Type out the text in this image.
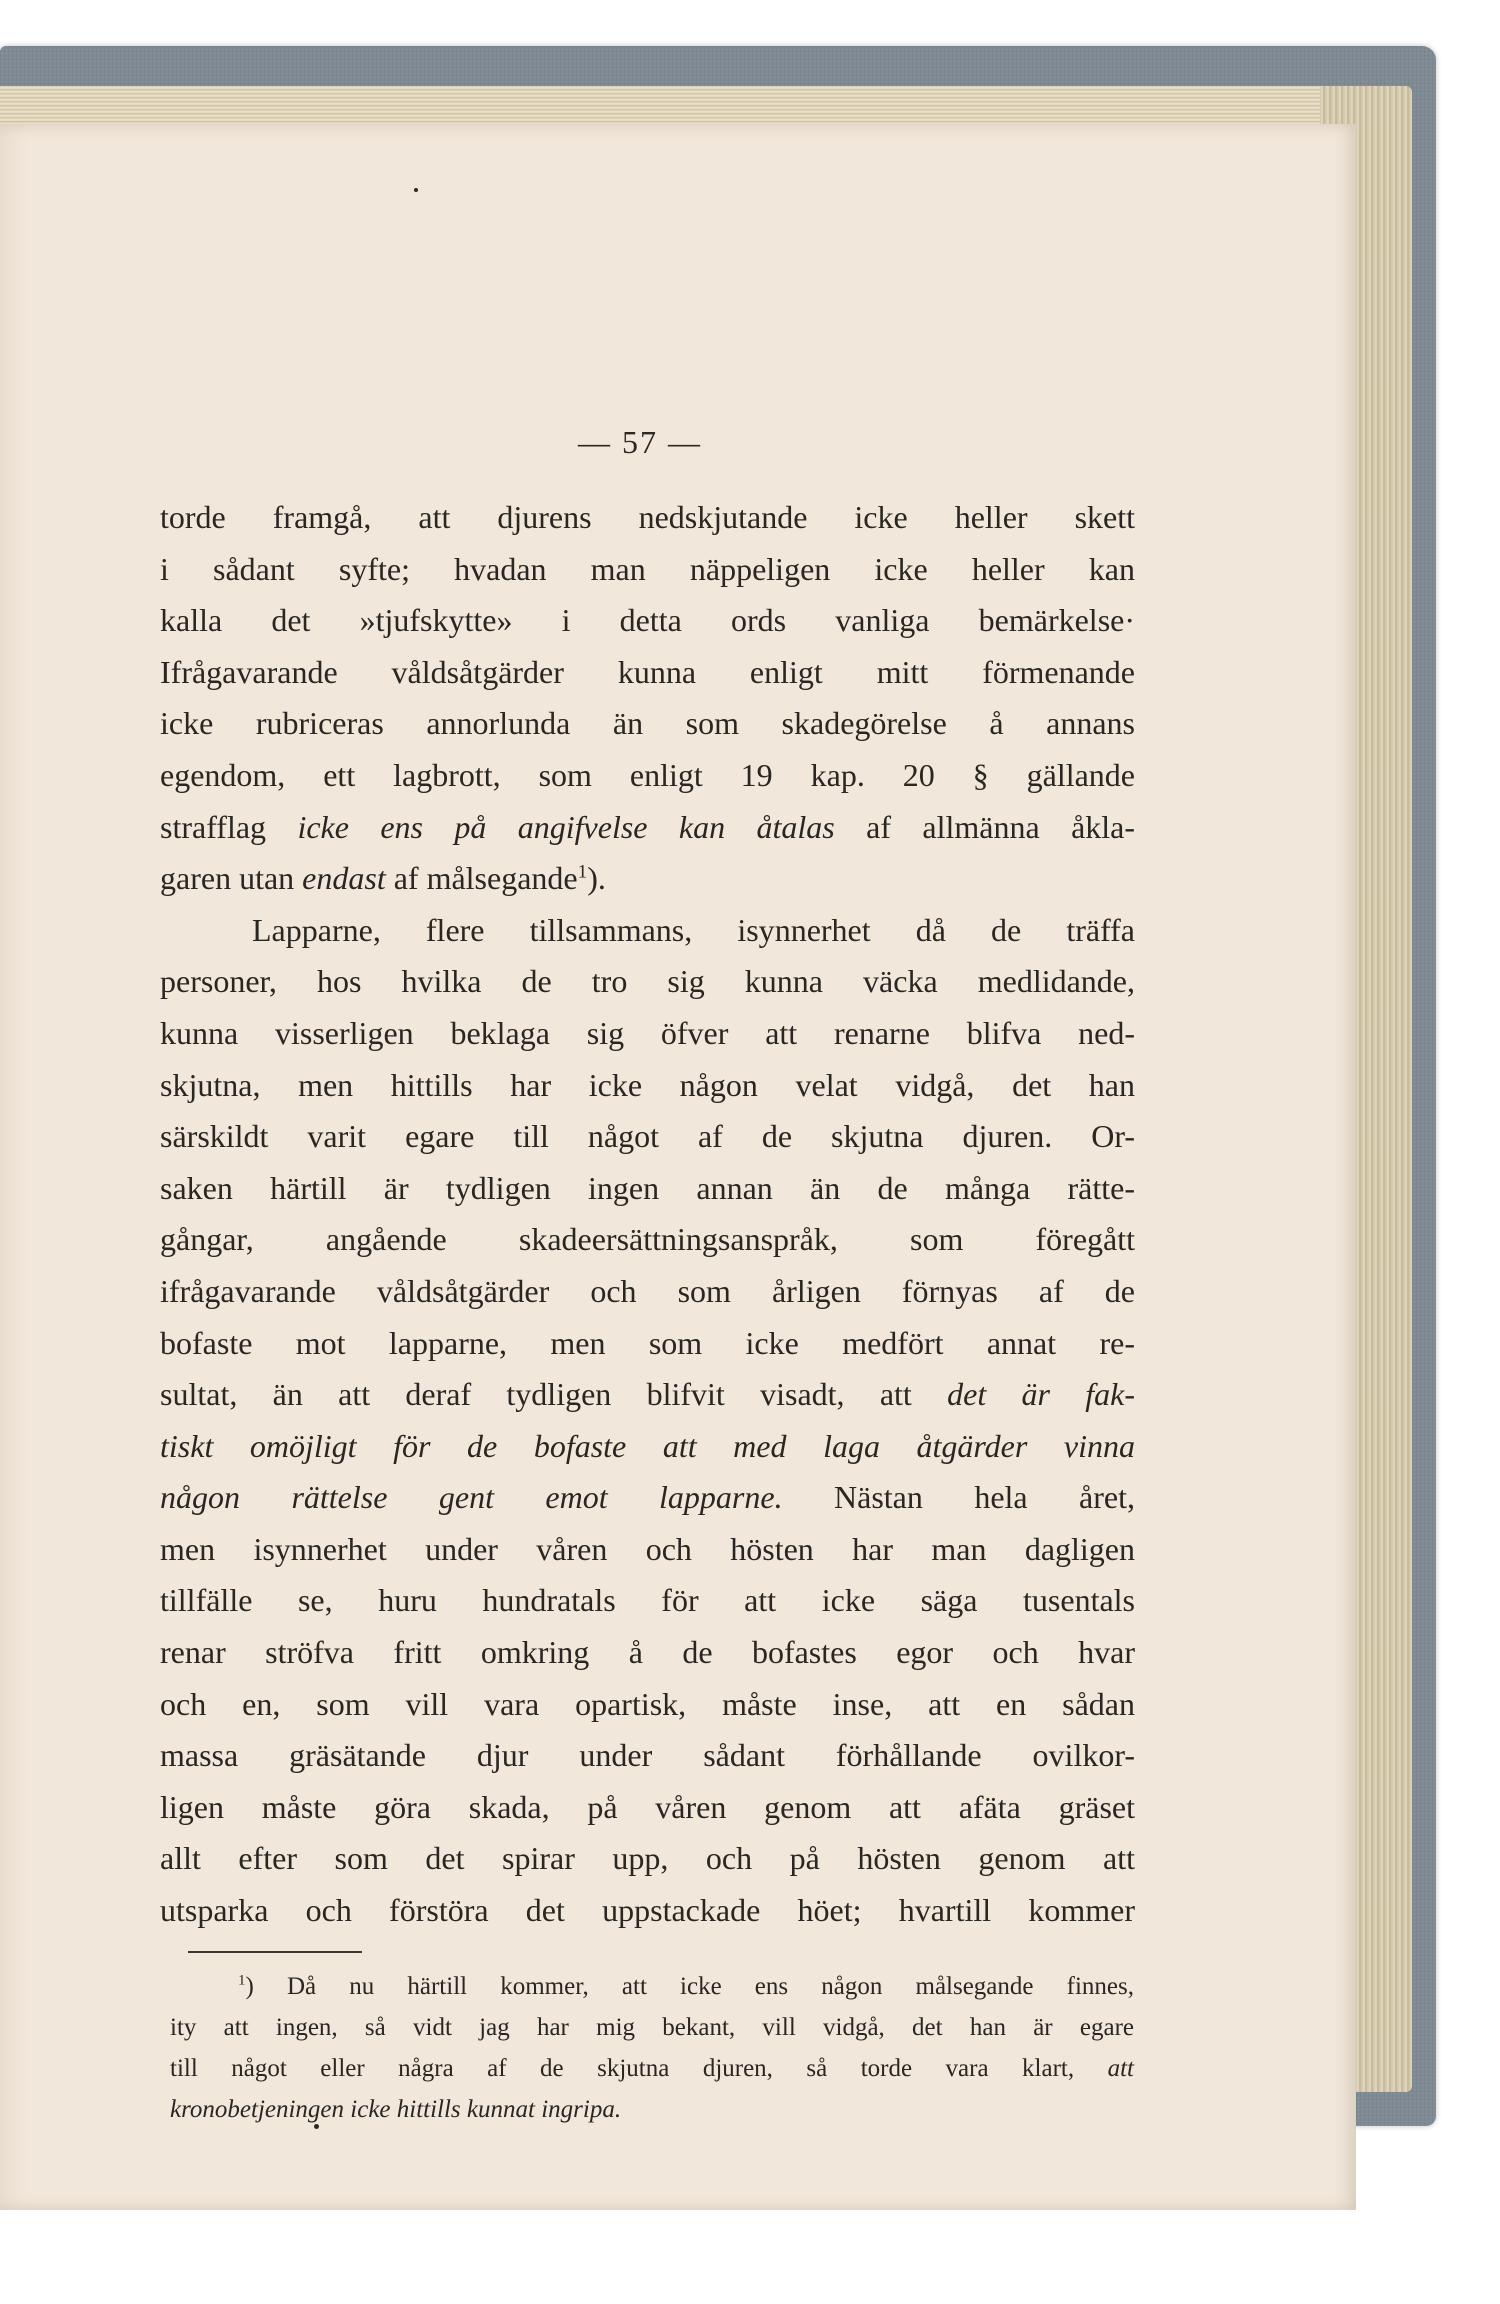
— 57 —
torde framgå, att djurens nedskjutande icke heller skett
i sådant syfte; hvadan man näppeligen icke heller kan
kalla det »tjufskytte» i detta ords vanliga bemärkelse·
Ifrågavarande våldsåtgärder kunna enligt mitt förmenande
icke rubriceras annorlunda än som skadegörelse å annans
egendom, ett lagbrott, som enligt 19 kap. 20 § gällande
strafflag icke ens på angifvelse kan åtalas af allmänna åkla-
garen utan endast af målsegande$^1$).
Lapparne, flere tillsammans, isynnerhet då de träffa
personer, hos hvilka de tro sig kunna väcka medlidande,
kunna visserligen beklaga sig öfver att renarne blifva ned-
skjutna, men hittills har icke någon velat vidgå, det han
särskildt varit egare till något af de skjutna djuren. Or-
saken härtill är tydligen ingen annan än de många rätte-
gångar, angående skadeersättningsanspråk, som föregått
ifrågavarande våldsåtgärder och som årligen förnyas af de
bofaste mot lapparne, men som icke medfört annat re-
sultat, än att deraf tydligen blifvit visadt, att det är fak-
tiskt omöjligt för de bofaste att med laga åtgärder vinna
någon rättelse gent emot lapparne. Nästan hela året,
men isynnerhet under våren och hösten har man dagligen
tillfälle se, huru hundratals för att icke säga tusentals
renar ströfva fritt omkring å de bofastes egor och hvar
och en, som vill vara opartisk, måste inse, att en sådan
massa gräsätande djur under sådant förhållande ovilkor-
ligen måste göra skada, på våren genom att afäta gräset
allt efter som det spirar upp, och på hösten genom att
utsparka och förstöra det uppstackade höet; hvartill kommer
$^1$) Då nu härtill kommer, att icke ens någon målsegande finnes,
ity att ingen, så vidt jag har mig bekant, vill vidgå, det han är egare
till något eller några af de skjutna djuren, så torde vara klart, att
kronobetjeningen icke hittills kunnat ingripa.
